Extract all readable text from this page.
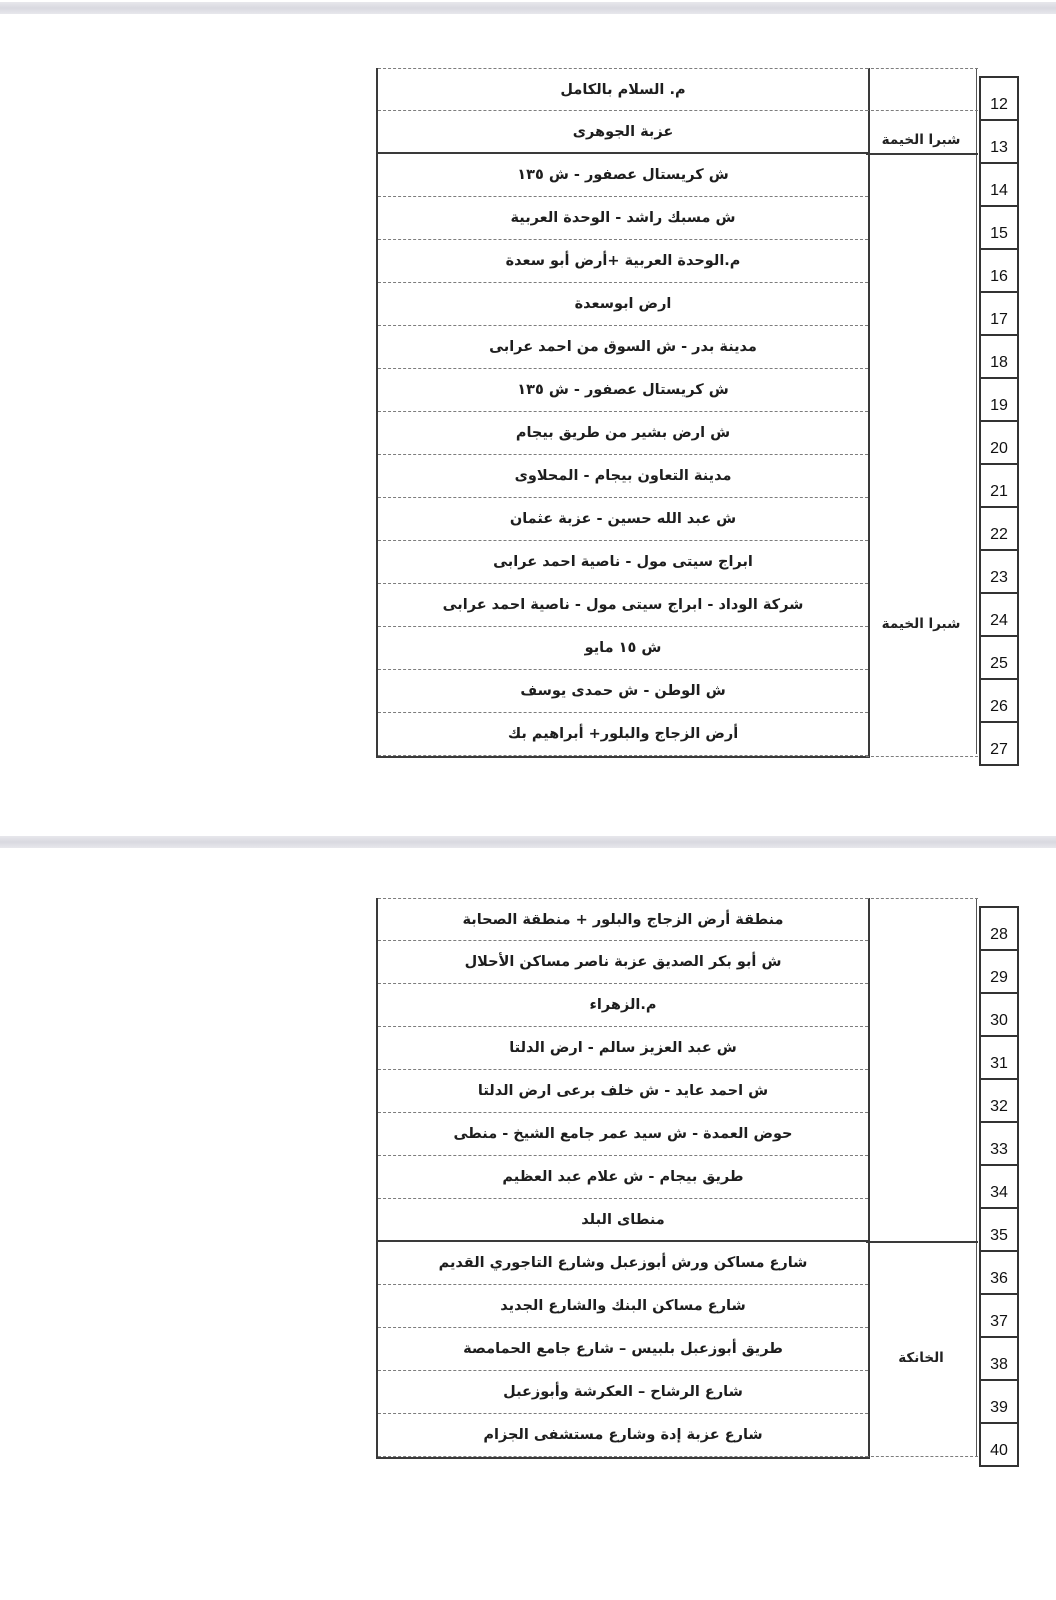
م. السلام بالكامل
عزبة الجوهرى
ش كريستال عصفور - ش ١٣٥
ش مسبك راشد - الوحدة العربية
م.الوحدة العربية +أرض أبو سعدة
ارض ابوسعدة
مدينة بدر - ش السوق من احمد عرابى
ش كريستال عصفور - ش ١٣٥
ش ارض بشير من طريق بيجام
مدينة التعاون بيجام - المحلاوى
ش عبد الله حسين - عزبة عثمان
ابراج سيتى مول - ناصية احمد عرابى
شركة الوداد - ابراج سيتى مول - ناصية احمد عرابى
ش ١٥ مايو
ش الوطن - ش حمدى يوسف
أرض الزجاج والبلور+ أبراهيم بك
شبرا الخيمة
شبرا الخيمة
12
13
14
15
16
17
18
19
20
21
22
23
24
25
26
27
منطقة أرض الزجاج والبلور + منطقة الصحابة
ش أبو بكر الصديق عزبة ناصر مساكن الأحلال
م.الزهراء
ش عبد العزيز سالم - ارض الدلتا
ش احمد عايد - ش خلف برعى ارض الدلتا
حوض العمدة - ش سيد عمر جامع الشيخ - منطى
طريق بيجام - ش علام عبد العظيم
منطاى البلد
شارع مساكن ورش أبوزعبل وشارع التاجوري القديم
شارع مساكن البنك والشارع الجديد
طريق أبوزعبل بلبيس – شارع جامع الحمامصة
شارع الرشاح – العكرشة وأبوزعبل
شارع عزبة إدة وشارع مستشفى الجزام
الخانكة
28
29
30
31
32
33
34
35
36
37
38
39
40
